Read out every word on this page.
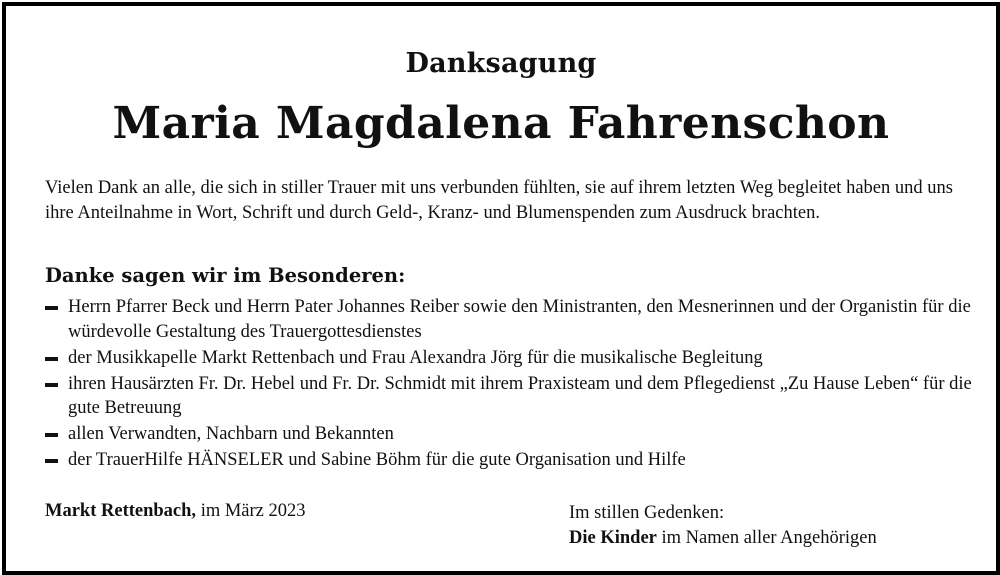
Danksagung
Maria Magdalena Fahrenschon
Vielen Dank an alle, die sich in stiller Trauer mit uns verbunden fühlten, sie auf ihrem letzten Weg begleitet haben und uns ihre Anteilnahme in Wort, Schrift und durch Geld-, Kranz- und Blumenspenden zum Ausdruck brachten.
Danke sagen wir im Besonderen:
Herrn Pfarrer Beck und Herrn Pater Johannes Reiber sowie den Ministranten, den Mesnerinnen und der Organistin für die würdevolle Gestaltung des Trauergottesdienstes
der Musikkapelle Markt Rettenbach und Frau Alexandra Jörg für die musikalische Begleitung
ihren Hausärzten Fr. Dr. Hebel und Fr. Dr. Schmidt mit ihrem Praxisteam und dem Pflegedienst „Zu Hause Leben“ für die gute Betreuung
allen Verwandten, Nachbarn und Bekannten
der TrauerHilfe HÄNSELER und Sabine Böhm für die gute Organisation und Hilfe
Markt Rettenbach, im März 2023	Im stillen Gedenken:
Die Kinder im Namen aller Angehörigen
